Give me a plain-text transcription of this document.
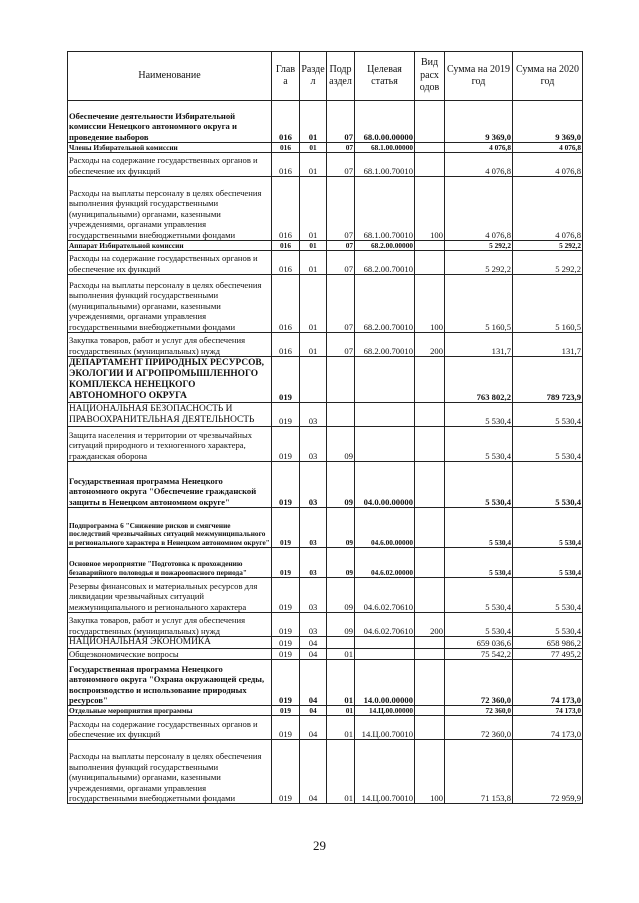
Наименование	Глав а	Разде л	Подр аздел	Целевая статья	Вид расх одов	Сумма на 2019 год	Сумма на 2020 год
Обеспечение деятельности Избирательной комиссии Ненецкого автономного округа и проведение выборов	016	01	07	68.0.00.00000		9 369,0	9 369,0
Члены Избирательной комиссии	016	01	07	68.1.00.00000		4 076,8	4 076,8
Расходы на содержание государственных органов и обеспечение их функций	016	01	07	68.1.00.70010		4 076,8	4 076,8
Расходы на выплаты персоналу в целях обеспечения выполнения функций государственными (муниципальными) органами, казенными учреждениями, органами управления государственными внебюджетными фондами	016	01	07	68.1.00.70010	100	4 076,8	4 076,8
Аппарат Избирательной комиссии	016	01	07	68.2.00.00000		5 292,2	5 292,2
Расходы на содержание государственных органов и обеспечение их функций	016	01	07	68.2.00.70010		5 292,2	5 292,2
Расходы на выплаты персоналу в целях обеспечения выполнения функций государственными (муниципальными) органами, казенными учреждениями, органами управления государственными внебюджетными фондами	016	01	07	68.2.00.70010	100	5 160,5	5 160,5
Закупка товаров, работ и услуг для обеспечения государственных (муниципальных) нужд	016	01	07	68.2.00.70010	200	131,7	131,7
ДЕПАРТАМЕНТ ПРИРОДНЫХ РЕСУРСОВ, ЭКОЛОГИИ И АГРОПРОМЫШЛЕННОГО КОМПЛЕКСА НЕНЕЦКОГО АВТОНОМНОГО ОКРУГА	019					763 802,2	789 723,9
НАЦИОНАЛЬНАЯ БЕЗОПАСНОСТЬ И ПРАВООХРАНИТЕЛЬНАЯ ДЕЯТЕЛЬНОСТЬ	019	03				5 530,4	5 530,4
Защита населения и территории от чрезвычайных ситуаций природного и техногенного характера, гражданская оборона	019	03	09			5 530,4	5 530,4
Государственная программа Ненецкого автономного округа "Обеспечение гражданской защиты в Ненецком автономном округе"	019	03	09	04.0.00.00000		5 530,4	5 530,4
Подпрограмма 6 "Снижение рисков и смягчение последствий чрезвычайных ситуаций межмуниципального и регионального характера в Ненецком автономном округе"	019	03	09	04.6.00.00000		5 530,4	5 530,4
Основное мероприятие "Подготовка к прохождению безаварийного половодья и пожароопасного периода"	019	03	09	04.6.02.00000		5 530,4	5 530,4
Резервы финансовых и материальных ресурсов для ликвидации чрезвычайных ситуаций межмуниципального и регионального характера	019	03	09	04.6.02.70610		5 530,4	5 530,4
Закупка товаров, работ и услуг для обеспечения государственных (муниципальных) нужд	019	03	09	04.6.02.70610	200	5 530,4	5 530,4
НАЦИОНАЛЬНАЯ ЭКОНОМИКА	019	04				659 036,6	658 986,2
Общеэкономические вопросы	019	04	01			75 542,2	77 495,2
Государственная программа Ненецкого автономного округа "Охрана окружающей среды, воспроизводство и использование природных ресурсов"	019	04	01	14.0.00.00000		72 360,0	74 173,0
Отдельные мероприятия программы	019	04	01	14.Ц.00.00000		72 360,0	74 173,0
Расходы на содержание государственных органов и обеспечение их функций	019	04	01	14.Ц.00.70010		72 360,0	74 173,0
Расходы на выплаты персоналу в целях обеспечения выполнения функций государственными (муниципальными) органами, казенными учреждениями, органами управления государственными внебюджетными фондами	019	04	01	14.Ц.00.70010	100	71 153,8	72 959,9
29
